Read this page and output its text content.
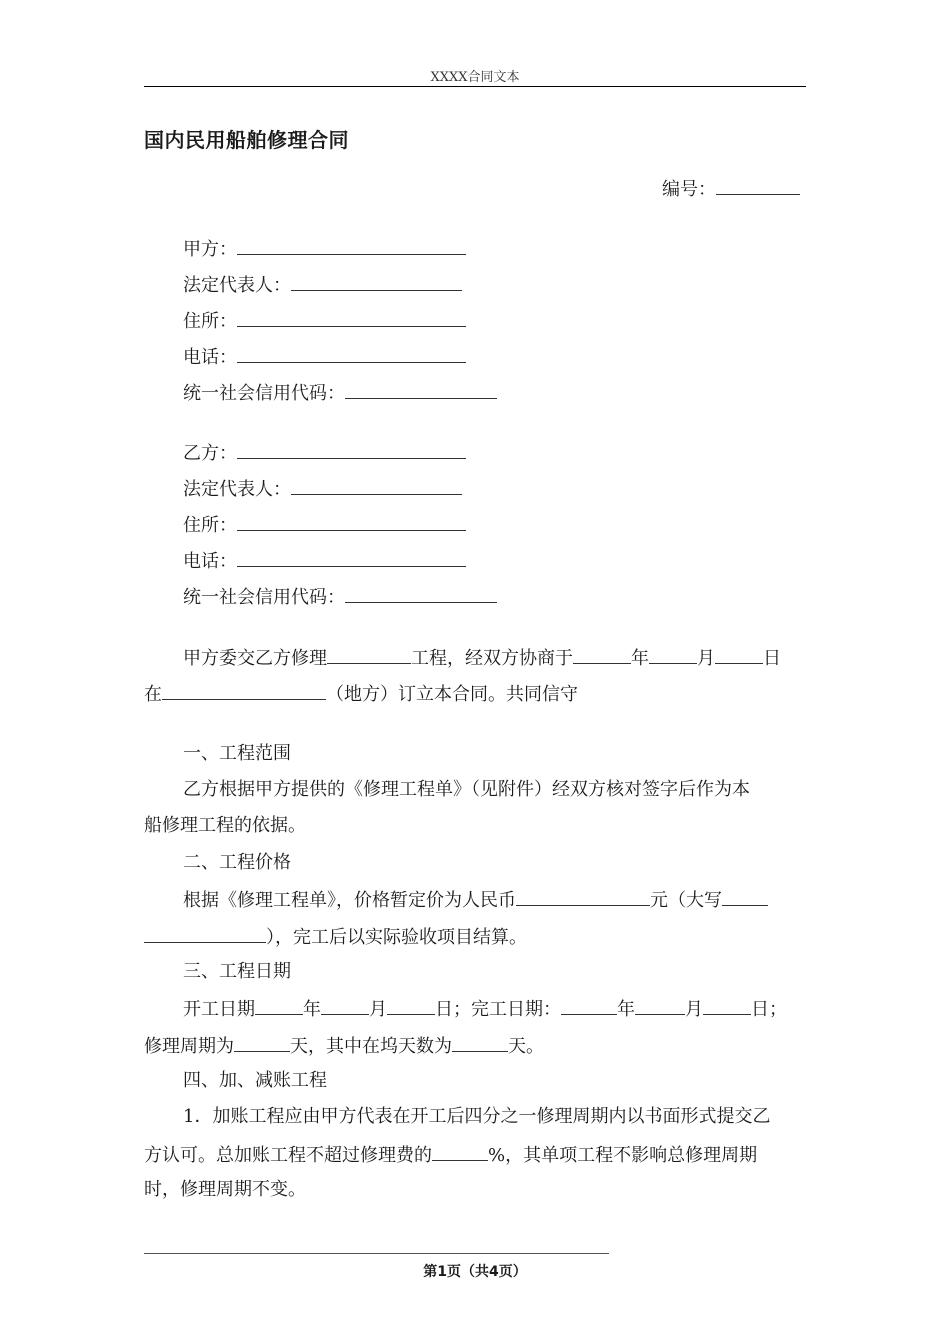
XXXX合同文本
国内民用船舶修理合同
编号：
甲方：
法定代表人：
住所：
电话：
统一社会信用代码：
乙方：
法定代表人：
住所：
电话：
统一社会信用代码：
甲方委交乙方修理	工程，经双方协商于	年	月	日
在	（地方）订立本合同。共同信守
一、工程范围
乙方根据甲方提供的《修理工程单》（见附件）经双方核对签字后作为本
船修理工程的依据。
二、工程价格
根据《修理工程单》，价格暂定价为人民币	元（大写
），完工后以实际验收项目结算。
三、工程日期
开工日期	年	月	日；完工日期：	年	月	日；
修理周期为	天，其中在坞天数为	天。
四、加、减账工程
1．加账工程应由甲方代表在开工后四分之一修理周期内以书面形式提交乙
方认可。总加账工程不超过修理费的	%，其单项工程不影响总修理周期
时，修理周期不变。
第1页（共4页）
